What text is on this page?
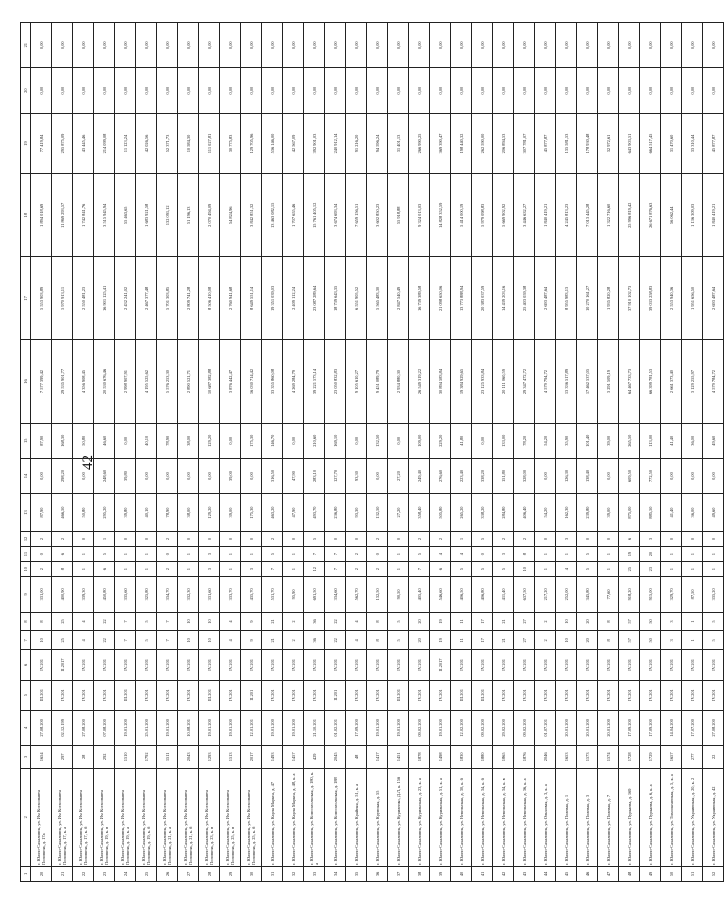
42
1	2	3	4	5	6	7	8	9	10	11	12	13	14	15	16	17	18	19	20	21
20	г. Южно-Сахалинск, ул. Им Космонавта Поповича, д. 17а	1654	27.08.200	III.201	IV.201	10	8	331,00	2	0	2	87,90	0,00	87,90	7 577 399,42	5 553 903,89	1 894 018,69	77 419,84	0,00	0,00
21	г. Южно-Сахалинск, ул. Им Космонавта Поповича, д. 17, к. а	297	02.12.199	IV.201	II.2017	25	25	400,90	8	6	2	466,50	298,20	168,30	29 535 901,77	5 970 913,11	11 869 293,57	295 875,09	0,00	0,00
22	г. Южно-Сахалинск, ул. Им Космонавта Поповича, д. 17, к. б	28	27.08.200	IV.201	IV.201	4	4	339,30	1	1	0	50,80	0,00	50,80	4 356 908,45	2 550 481,23	1 742 841,76	43 445,46	0,00	0,00
23	г. Южно-Сахалинск, ул. Им Космонавта Поповича, д. 19, к. в	292	07.08.200	IV.201	IV.201	22	22	450,80	6	5	1	295,20	248,60	46,60	20 530 676,46	16 901 125,41	3 515 945,94	214 099,08	0,00	0,00
24	г. Южно-Сахалинск, ул. Им Космонавта Поповича, д. 19, к. а	1510	19.01.200	III.201	IV.201	7	7	335,60	1	1	0	39,80	39,80	0,00	2 998 907,91	2 432 241,02	55 463,65	11 123,24	0,00	0,00
25	г. Южно-Сахалинск, ул. Им Космонавта Поповича, д. 19, к. б	1792	25.01.200	IV.201	IV.201	5	5	325,80	1	1	0	40,10	0,00	40,10	4 195 525,62	2 467 377,48	1 683 921,58	42 026,56	0,00	0,00
26	г. Южно-Сахалинск, ул. Им Космонавта Поповича, д. 21, к. а	1511	19.01.200	IV.201	IV.201	7	7	334,70	2	0	2	78,90	0,00	78,90	5 576 253,30	5 701 303,85	132 091,12	52 371,73	0,00	0,00
27	г. Южно-Сахалинск, ул. Им Космонавта Поповича, д. 21, к. б	2043	10.08.201	IV.201	IV.201	10	10	332,30	1	1	0	38,00	0,00	38,00	2 890 521,71	2 809 741,28	51 196,13	10 584,30	0,00	0,00
28	г. Южно-Сахалинск, ул. Им Космонавта Поповича, д. 23, к. в	1293	19.01.200	III.201	IV.201	10	10	331,60	3	3	0	129,20	0,00	129,20	10 687 382,88	8 506 410,08	2 070 494,09	111 027,81	0,00	0,00
29	г. Южно-Сахалинск, ул. Им Космонавта Поповича, д. 25, к. в	1513	19.01.200	IV.201	IV.201	4	4	333,70	1	1	0	39,00	39,00	0,00	3 876 442,47	2 760 941,68	54 824,96	30 775,83	0,00	0,00
30	г. Южно-Сахалинск, ул. Им Космонавта Поповича, д. 25, к. б	2017	12.01.201	II.201	IV.201	9	9	435,70	3	1	0	175,30	0,00	175,30	16 030 714,42	8 649 551,14	3 842 851,32	129 705,96	0,00	0,00
31	г. Южно-Сахалинск, ул. Карла Маркса, д. 47	1493	19.01.200	IV.201	IV.201	21	21	531,70	7	5	2	463,20	316,50	146,70	33 355 860,08	19 351 039,03	13 463 082,15	536 146,00	0,00	0,00
32	г. Южно-Сахалинск, ул. Карла Маркса, д. 48, к. а	1457	19.01.200	IV.201	IV.201	2	2	95,90	1	1	0	47,90	47,90	0,00	4 269 284,79	2 409 112,24	1 707 655,46	42 567,09	0,00	0,00
33	г. Южно-Сахалинск, ул. Комсомольская, д. 180, к. а	429	21.10.201	IV.201	IV.201	36	36	691,50	12	7	5	493,70	283,10	210,60	39 221 573,14	23 087 289,64	15 761 405,12	392 901,03	0,00	0,00
34	г. Южно-Сахалинск, ул. Комсомольская, д. 188	2045	01.02.201	II.201	IV.201	22	22	334,60	7	7	0	236,80	127,70	169,10	23 050 832,83	18 739 643,35	3 674 693,34	240 912,14	0,00	0,00
35	г. Южно-Сахалинск, ул. Крайняя, д. 51, к. а	48	17.09.200	IV.201	IV.201	4	4	562,70	2	2	0	93,30	93,30	0,00	9 105 610,27	6 551 905,52	7 659 156,51	91 216,20	0,00	0,00
36	г. Южно-Сахалинск, ул. Крупская, д. 55	1417	19.01.200	IV.201	IV.201	8	8	132,50	2	0	2	132,50	0,00	132,50	9 451 089,79	5 565 483,30	3 602 850,23	94 596,24	0,00	0,00
37	г. Южно-Сахалинск, ул. Куриленко, Д.Л, к. 15б	1451	19.01.200	III.201	IV.201	5	5	90,50	1	1	0	27,20	27,20	0,00	2 934 880,30	2 847 540,49	55 918,88	31 401,13	0,00	0,00
38	г. Южно-Сахалинск, ул. Курильская, д. 23, к. а	1878	09.02.200	IV.201	IV.201	20	20	405,40	7	5	2	358,40	249,40	109,00	26 549 319,22	16 739 389,58	9 324 013,03	266 990,25	0,00	0,00
39	г. Южно-Сахалинск, ул. Курильская, д. 51, к. а	1498	19.01.200	IV.201	II.2017	19	19	546,60	6	4	2	505,80	276,60	229,20	30 894 583,84	21 098 650,06	14 828 352,59	369 390,47	0,00	0,00
40	г. Южно-Сахалинск, ул. Невельская, д. 30, к. б	1830	12.02.200	III.201	IV.201	11	11	406,50	5	4	1	265,20	223,40	41,80	19 384 929,65	13 773 888,94	5 414 000,19	198 440,32	0,00	0,00
41	г. Южно-Сахалинск, ул. Невельская, д. 34, к. б	1880	09.02.200	III.201	IV.201	17	17	406,80	5	0	5	338,20	338,20	0,00	23 125 933,84	20 383 037,59	5 979 098,83	262 590,00	0,00	0,00
42	г. Южно-Сахалинск, ул. Невельская, д. 34, к. в	1865	29.02.200	IV.201	IV.201	21	21	411,40	5	3	2	284,80	151,80	133,00	20 111 060,59	14 439 203,16	5 669 902,92	206 894,53	0,00	0,00
43	г. Южно-Сахалинск, ул. Невельская, д. 36, к. а	1876	09.02.200	IV.201	IV.201	27	27	637,50	10	8	2	406,40	328,00	78,20	29 347 472,72	25 403 059,38	3 446 632,27	307 781,07	0,00	0,00
44	г. Южно-Сахалинск, ул. Ольховая, д. 3, к. а	2046	01.07.201	IV.201	IV.201	2	2	217,20	1	1	0	54,20	0,00	54,20	4 579 794,72	2 693 487,64	1 840 419,21	45 877,87	0,00	0,00
45	г. Южно-Сахалинск, ул. Полевая, д. 1	1653	20.01.200	IV.201	IV.201	10	10	252,00	4	1	3	162,30	126,30	35,90	13 336 517,89	8 955 983,13	4 245 813,23	135 581,53	0,00	0,00
46	г. Южно-Сахалинск, ул. Полевая, д. 3	1573	20.01.200	IV.201	IV.201	20	20	345,80	5	5	0	239,80	138,40	101,40	17 462 537,05	10 270 161,27	7 013 445,28	178 930,48	0,00	0,00
47	г. Южно-Сахалинск, ул. Полевая, д. 7	1574	20.01.200	IV.201	IV.201	8	8	77,60	1	1	0	39,00	0,00	39,00	3 291 509,19	1 935 820,28	1 322 716,60	32 972,61	0,00	0,00
48	г. Южно-Сахалинск, ул. Пуркаева, д. 169	1728	17.09.200	IV.201	IV.201	57	57	918,20	25	19	6	875,00	609,50	265,50	64 467 733,73	37 910 102,73	25 996 819,42	643 903,51	0,00	0,00
49	г. Южно-Сахалинск, ул. Пуркаева, д. 6, к. а	1729	17.09.200	IV.201	IV.201	50	50	915,00	23	20	3	885,50	772,50	113,00	66 399 781,53	39 033 258,83	26 671 876,63	664 517,45	0,00	0,00
50	г. Южно-Сахалинск, ул. Тихоокеанская, д. 5, к. а	1657	14.04.200	IV.201	IV.201	3	3	329,70	1	1	0	41,40	0,00	41,40	2 661 373,40	2 553 940,36	56 062,44	31 470,60	0,00	0,00
51	г. Южно-Сахалинск, ул. Украинская, д. 20, к. 2	277	17.07.200	IV.201	IV.201	1	1	87,50	1	1	0	36,00	0,00	36,00	3 129 255,97	1 951 656,50	1 136 309,03	33 310,44	0,00	0,00
52	г. Южно-Сахалинск, ул. Украинская, д. 42	22	27.08.200	IV.201	IV.201	5	5	335,20	1	1	0	49,60	0,00	49,60	4 579 784,72	2 693 487,64	1 840 419,21	45 877,87	0,00	0,00
